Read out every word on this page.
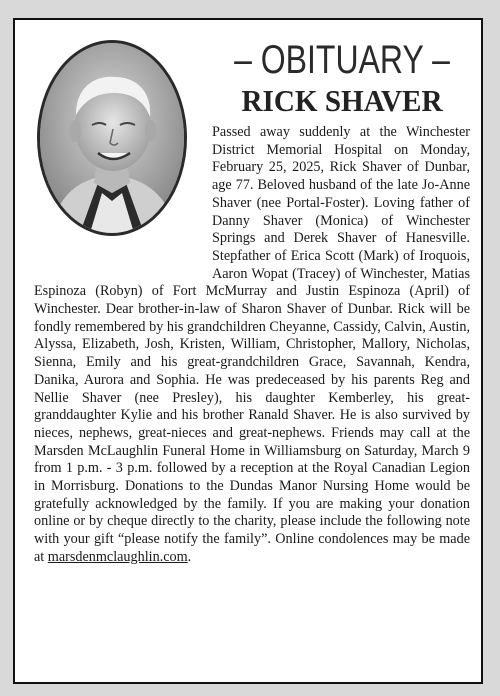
– OBITUARY –
RICK SHAVER
Passed away suddenly at the Winchester District Memorial Hospital on Monday, February 25, 2025, Rick Shaver of Dunbar, age 77. Beloved husband of the late Jo-Anne Shaver (nee Portal-Foster). Loving father of Danny Shaver (Monica) of Winchester Springs and Derek Shaver of Hanesville. Stepfather of Erica Scott (Mark) of Iroquois, Aaron Wopat (Tracey) of Winchester, Matias Espinoza (Robyn) of Fort McMurray and Justin Espinoza (April) of Winchester. Dear brother-in-law of Sharon Shaver of Dunbar. Rick will be fondly remembered by his grandchildren Cheyanne, Cassidy, Calvin, Austin, Alyssa, Elizabeth, Josh, Kristen, William, Christopher, Mallory, Nicholas, Sienna, Emily and his great-grandchildren Grace, Savannah, Kendra, Danika, Aurora and Sophia. He was predeceased by his parents Reg and Nellie Shaver (nee Presley), his daughter Kemberley, his great-granddaughter Kylie and his brother Ranald Shaver. He is also survived by nieces, nephews, great-nieces and great-nephews. Friends may call at the Marsden McLaughlin Funeral Home in Williamsburg on Saturday, March 9 from 1 p.m. - 3 p.m. followed by a reception at the Royal Canadian Legion in Morrisburg. Donations to the Dundas Manor Nursing Home would be gratefully acknowledged by the family. If you are making your donation online or by cheque directly to the charity, please include the following note with your gift “please notify the family”. Online condolences may be made at marsdenmclaughlin.com.
